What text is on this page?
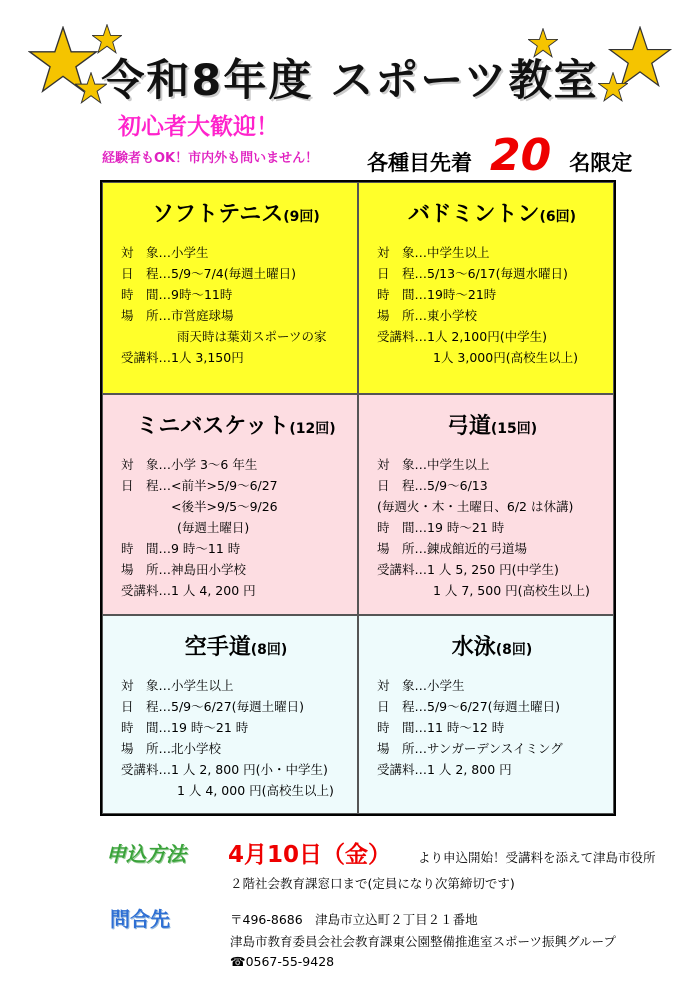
令和8年度 スポーツ教室
初心者大歓迎！
経験者もOK！市内外も問いません！ 各種目先着 20 名限定
ソフトテニス(9回)
対　象…小学生
日　程…5/9～7/4(毎週土曜日)
時　間…9時～11時
場　所…市営庭球場
雨天時は葉苅スポーツの家
受講料…1人 3,150円
バドミントン(6回)
対　象…中学生以上
日　程…5/13～6/17(毎週水曜日)
時　間…19時～21時
場　所…東小学校
受講料…1人 2,100円(中学生)
1人 3,000円(高校生以上)
ミニバスケット(12回)
対　象…小学 3～6 年生
日　程…<前半>5/9～6/27
<後半>9/5～9/26
(毎週土曜日)
時　間…9 時～11 時
場　所…神島田小学校
受講料…1 人 4, 200 円
弓道(15回)
対　象…中学生以上
日　程…5/9～6/13
(毎週火・木・土曜日、6/2 は休講)
時　間…19 時～21 時
場　所…錬成館近的弓道場
受講料…1 人 5, 250 円(中学生)
1 人 7, 500 円(高校生以上)
空手道(8回)
対　象…小学生以上
日　程…5/9～6/27(毎週土曜日)
時　間…19 時～21 時
場　所…北小学校
受講料…1 人 2, 800 円(小・中学生)
1 人 4, 000 円(高校生以上)
水泳(8回)
対　象…小学生
日　程…5/9～6/27(毎週土曜日)
時　間…11 時～12 時
場　所…サンガーデンスイミング
受講料…1 人 2, 800 円
申込方法 4月10日（金） より申込開始！受講料を添えて津島市役所
２階社会教育課窓口まで(定員になり次第締切です)
問合先	〒496-8686　津島市立込町２丁目２１番地
津島市教育委員会社会教育課東公園整備推進室スポーツ振興グループ
☎0567-55-9428
